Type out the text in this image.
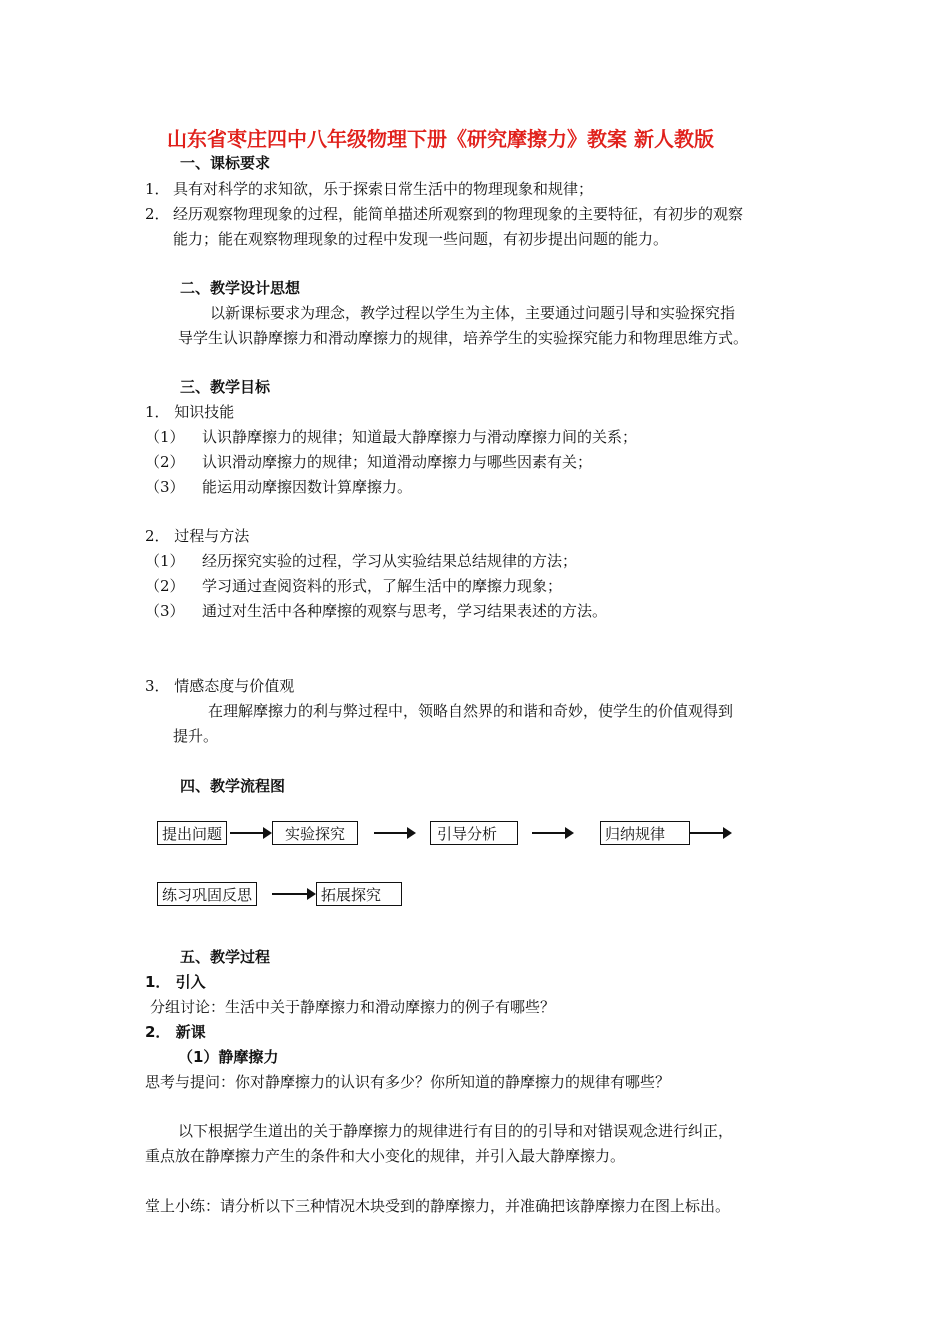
山东省枣庄四中八年级物理下册《研究摩擦力》教案 新人教版
一、课标要求
1． 具有对科学的求知欲，乐于探索日常生活中的物理现象和规律；
2． 经历观察物理现象的过程，能简单描述所观察到的物理现象的主要特征，有初步的观察
能力；能在观察物理现象的过程中发现一些问题，有初步提出问题的能力。
二、教学设计思想
以新课标要求为理念，教学过程以学生为主体，主要通过问题引导和实验探究指
导学生认识静摩擦力和滑动摩擦力的规律，培养学生的实验探究能力和物理思维方式。
三、教学目标
1． 知识技能
（1） 认识静摩擦力的规律；知道最大静摩擦力与滑动摩擦力间的关系；
（2） 认识滑动摩擦力的规律；知道滑动摩擦力与哪些因素有关；
（3） 能运用动摩擦因数计算摩擦力。
2． 过程与方法
（1） 经历探究实验的过程，学习从实验结果总结规律的方法；
（2） 学习通过查阅资料的形式，了解生活中的摩擦力现象；
（3） 通过对生活中各种摩擦的观察与思考，学习结果表述的方法。
3． 情感态度与价值观
在理解摩擦力的利与弊过程中，领略自然界的和谐和奇妙，使学生的价值观得到
提升。
四、教学流程图
提出问题	实验探究	引导分析	归纳规律
练习巩固反思	拓展探究
五、教学过程
1． 引入
分组讨论：生活中关于静摩擦力和滑动摩擦力的例子有哪些？
2． 新课
（1）静摩擦力
思考与提问：你对静摩擦力的认识有多少？你所知道的静摩擦力的规律有哪些？
以下根据学生道出的关于静摩擦力的规律进行有目的的引导和对错误观念进行纠正，
重点放在静摩擦力产生的条件和大小变化的规律，并引入最大静摩擦力。
堂上小练：请分析以下三种情况木块受到的静摩擦力，并准确把该静摩擦力在图上标出。
